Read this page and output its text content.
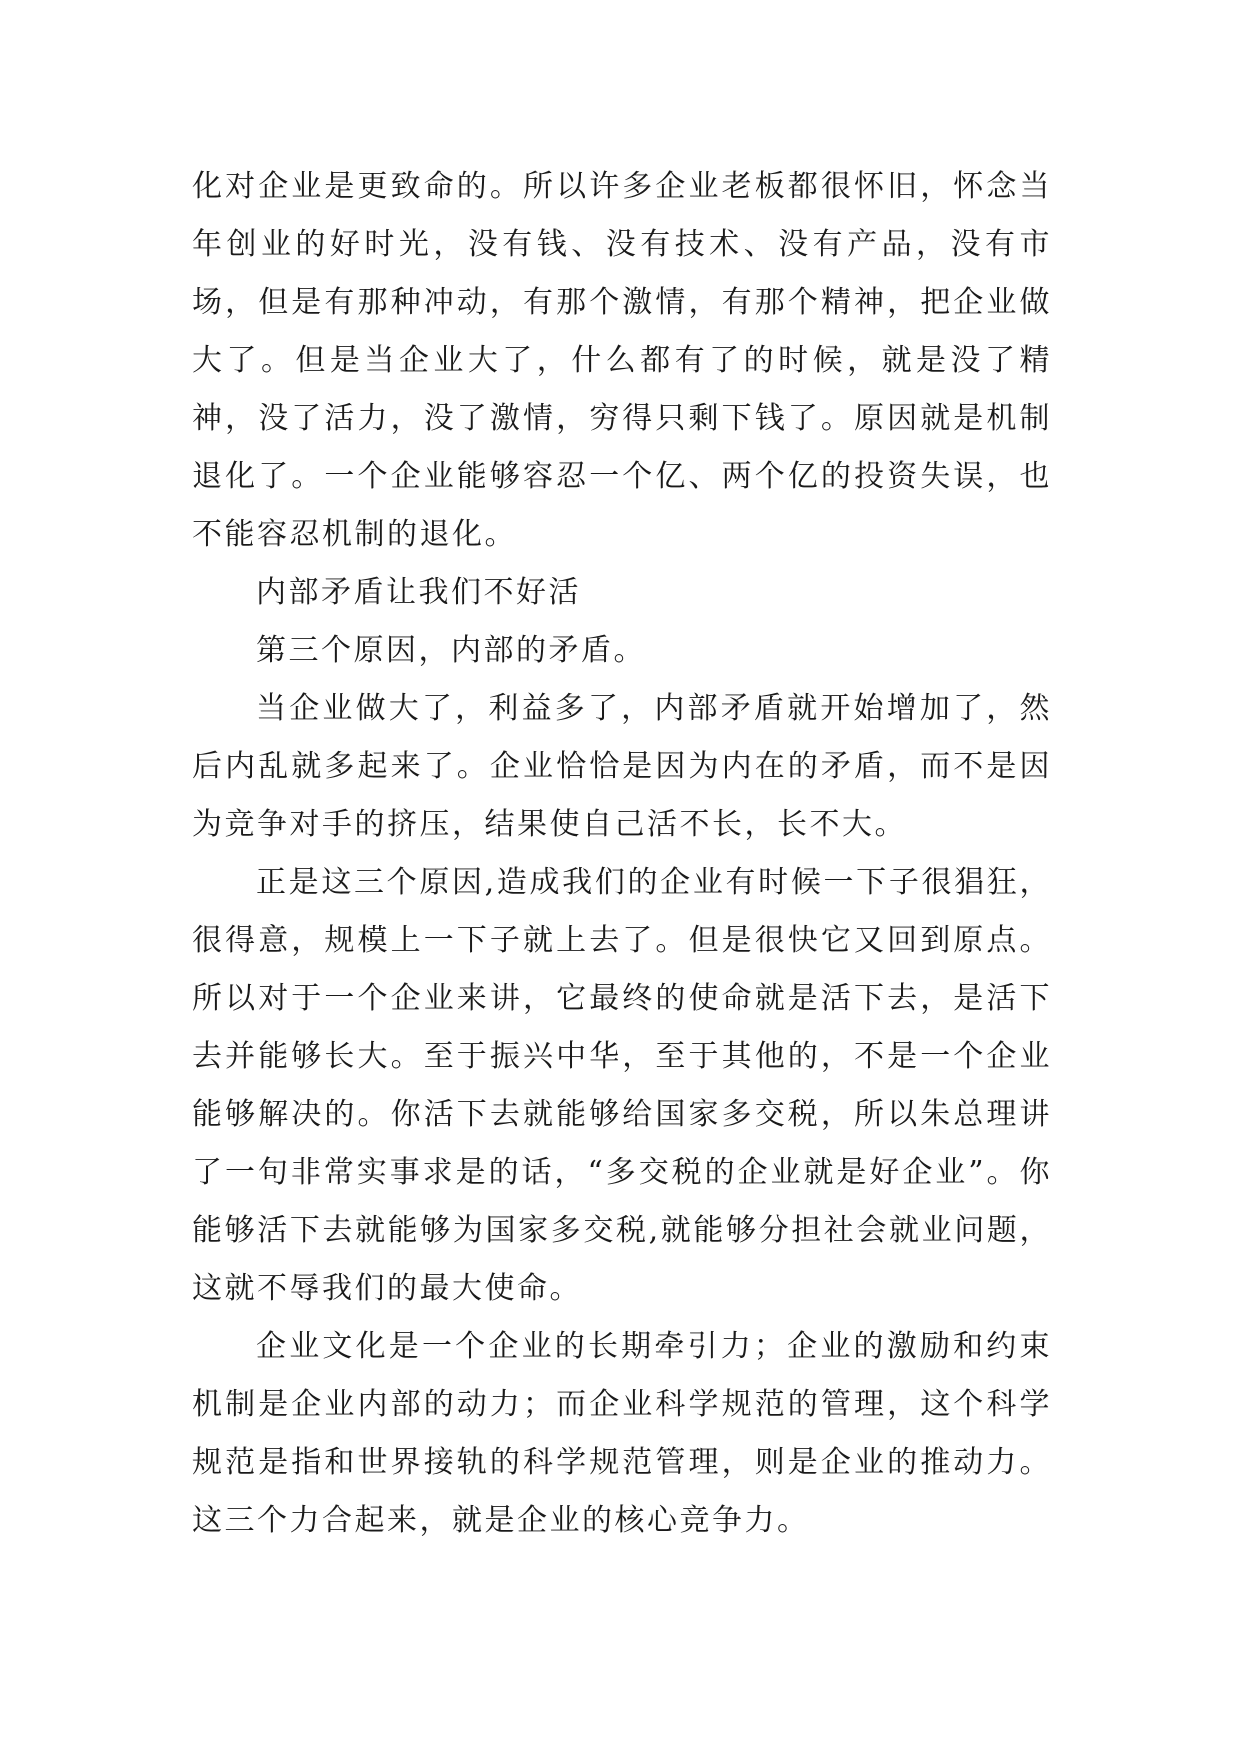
化对企业是更致命的。所以许多企业老板都很怀旧，怀念当年创业的好时光，没有钱、没有技术、没有产品，没有市场，但是有那种冲动，有那个激情，有那个精神，把企业做大了。但是当企业大了，什么都有了的时候，就是没了精神，没了活力，没了激情，穷得只剩下钱了。原因就是机制退化了。一个企业能够容忍一个亿、两个亿的投资失误，也不能容忍机制的退化。

内部矛盾让我们不好活

第三个原因，内部的矛盾。

当企业做大了，利益多了，内部矛盾就开始增加了，然后内乱就多起来了。企业恰恰是因为内在的矛盾，而不是因为竞争对手的挤压，结果使自己活不长，长不大。

正是这三个原因,造成我们的企业有时候一下子很猖狂，很得意，规模上一下子就上去了。但是很快它又回到原点。所以对于一个企业来讲，它最终的使命就是活下去，是活下去并能够长大。至于振兴中华，至于其他的，不是一个企业能够解决的。你活下去就能够给国家多交税，所以朱总理讲了一句非常实事求是的话，“多交税的企业就是好企业”。你能够活下去就能够为国家多交税,就能够分担社会就业问题，这就不辱我们的最大使命。

企业文化是一个企业的长期牵引力；企业的激励和约束机制是企业内部的动力；而企业科学规范的管理，这个科学规范是指和世界接轨的科学规范管理，则是企业的推动力。这三个力合起来，就是企业的核心竞争力。
